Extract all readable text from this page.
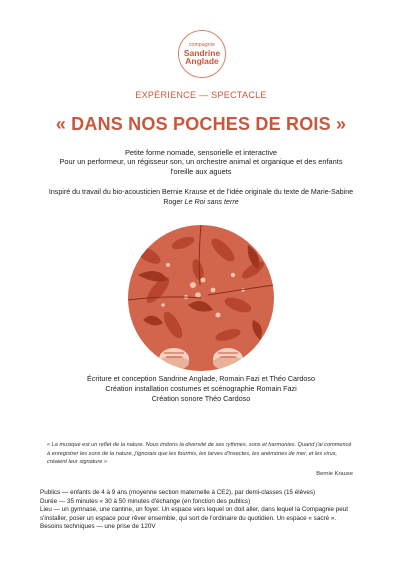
compagnie
Sandrine
Anglade
EXPÉRIENCE — SPECTACLE
« DANS NOS POCHES DE ROIS »
Petite forme nomade, sensorielle et interactive
Pour un performeur, un régisseur son, un orchestre animal et organique et des enfants
l'oreille aux aguets
Inspiré du travail du bio-acousticien Bernie Krause et de l'idée originale du texte de Marie-Sabine Roger Le Roi sans terre
Écriture et conception Sandrine Anglade, Romain Fazi et Théo Cardoso
Création installation costumes et scénographie Romain Fazi
Création sonore Théo Cardoso
« La musique est un reflet de la nature. Nous imitons la diversité de ses rythmes, sons et harmonies. Quand j'ai commencé à enregistrer les sons de la nature, j'ignorais que les fourmis, les larves d'insectes, les anémones de mer, et les virus, créaient leur signature »
Bernie Krause
Publics — enfants de 4 à 9 ans (moyenne section maternelle à CE2), par demi-classes (15 élèves)
Durée — 35 minutes « 30 à 50 minutes d'échange (en fonction des publics)
Lieu — un gymnase, une cantine, un foyer. Un espace vers lequel on doit aller, dans lequel la Compagnie peut s'installer, poser un espace pour rêver ensemble, qui sort de l'ordinaire du quotidien. Un espace « sacré ».
Besoins techniques — une prise de 120V
